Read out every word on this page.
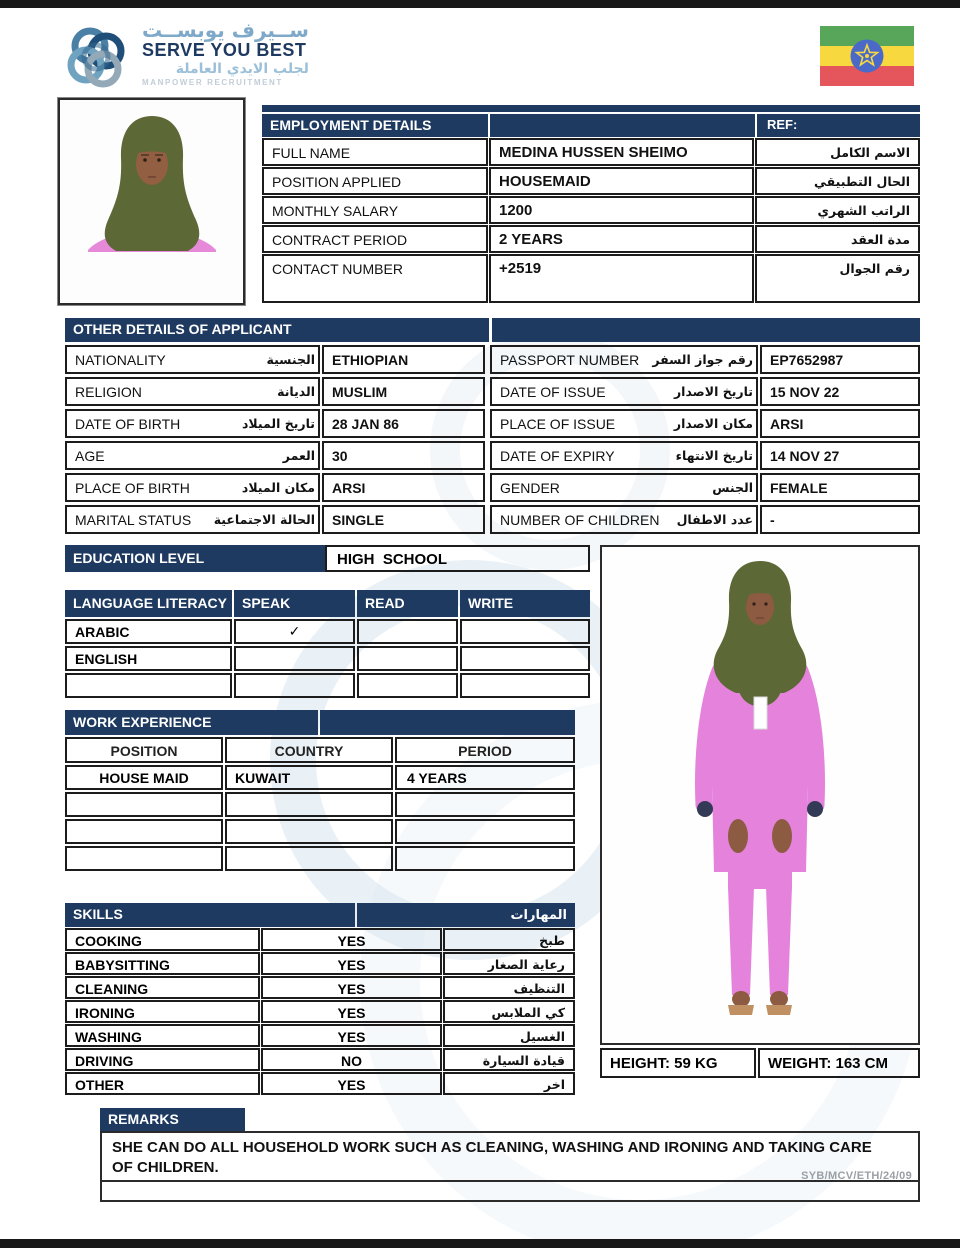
ســيرف يوبســت
SERVE YOU BEST
لجلب الايدي العاملة
MANPOWER RECRUITMENT
EMPLOYMENT DETAILS	REF:
FULL NAME	MEDINA HUSSEN SHEIMO	الاسم الكامل
POSITION APPLIED	HOUSEMAID	الحال التطبيقي
MONTHLY SALARY	1200	الراتب الشهري
CONTRACT PERIOD	2 YEARS	مدة العقد
CONTACT NUMBER	+2519	رقم الجوال
OTHER DETAILS OF APPLICANT
NATIONALITY	الجنسية	ETHIOPIAN	PASSPORT NUMBER رقم جواز السفر	EP7652987
RELIGION	الديانة	MUSLIM	DATE OF ISSUE	تاريخ الاصدار	15 NOV 22
DATE OF BIRTH	تاريخ الميلاد	28 JAN 86	PLACE OF ISSUE	مكان الاصدار	ARSI
AGE	العمر	30	DATE OF EXPIRY	تاريخ الانتهاء	14 NOV 27
PLACE OF BIRTH	مكان الميلاد	ARSI	GENDER	الجنس	FEMALE
MARITAL STATUS الحالة الاجتماعية	SINGLE	NUMBER OF CHILDREN عدد الاطفال	-
EDUCATION LEVEL	HIGH  SCHOOL
LANGUAGE LITERACY	SPEAK	READ	WRITE
ARABIC	✓
ENGLISH
WORK EXPERIENCE
POSITION	COUNTRY	PERIOD
HOUSE MAID	KUWAIT	4 YEARS
SKILLS	المهارات
COOKING	YES	طبخ
BABYSITTING	YES	رعاية الصغار
CLEANING	YES	التنظيف
IRONING	YES	كي الملابس
WASHING	YES	الغسيل
DRIVING	NO	قيادة السيارة
OTHER	YES	اخر
HEIGHT: 59 KG	WEIGHT: 163 CM
REMARKS
SHE CAN DO ALL HOUSEHOLD WORK SUCH AS CLEANING, WASHING AND IRONING AND TAKING CARE OF CHILDREN.	SYB/MCV/ETH/24/09
